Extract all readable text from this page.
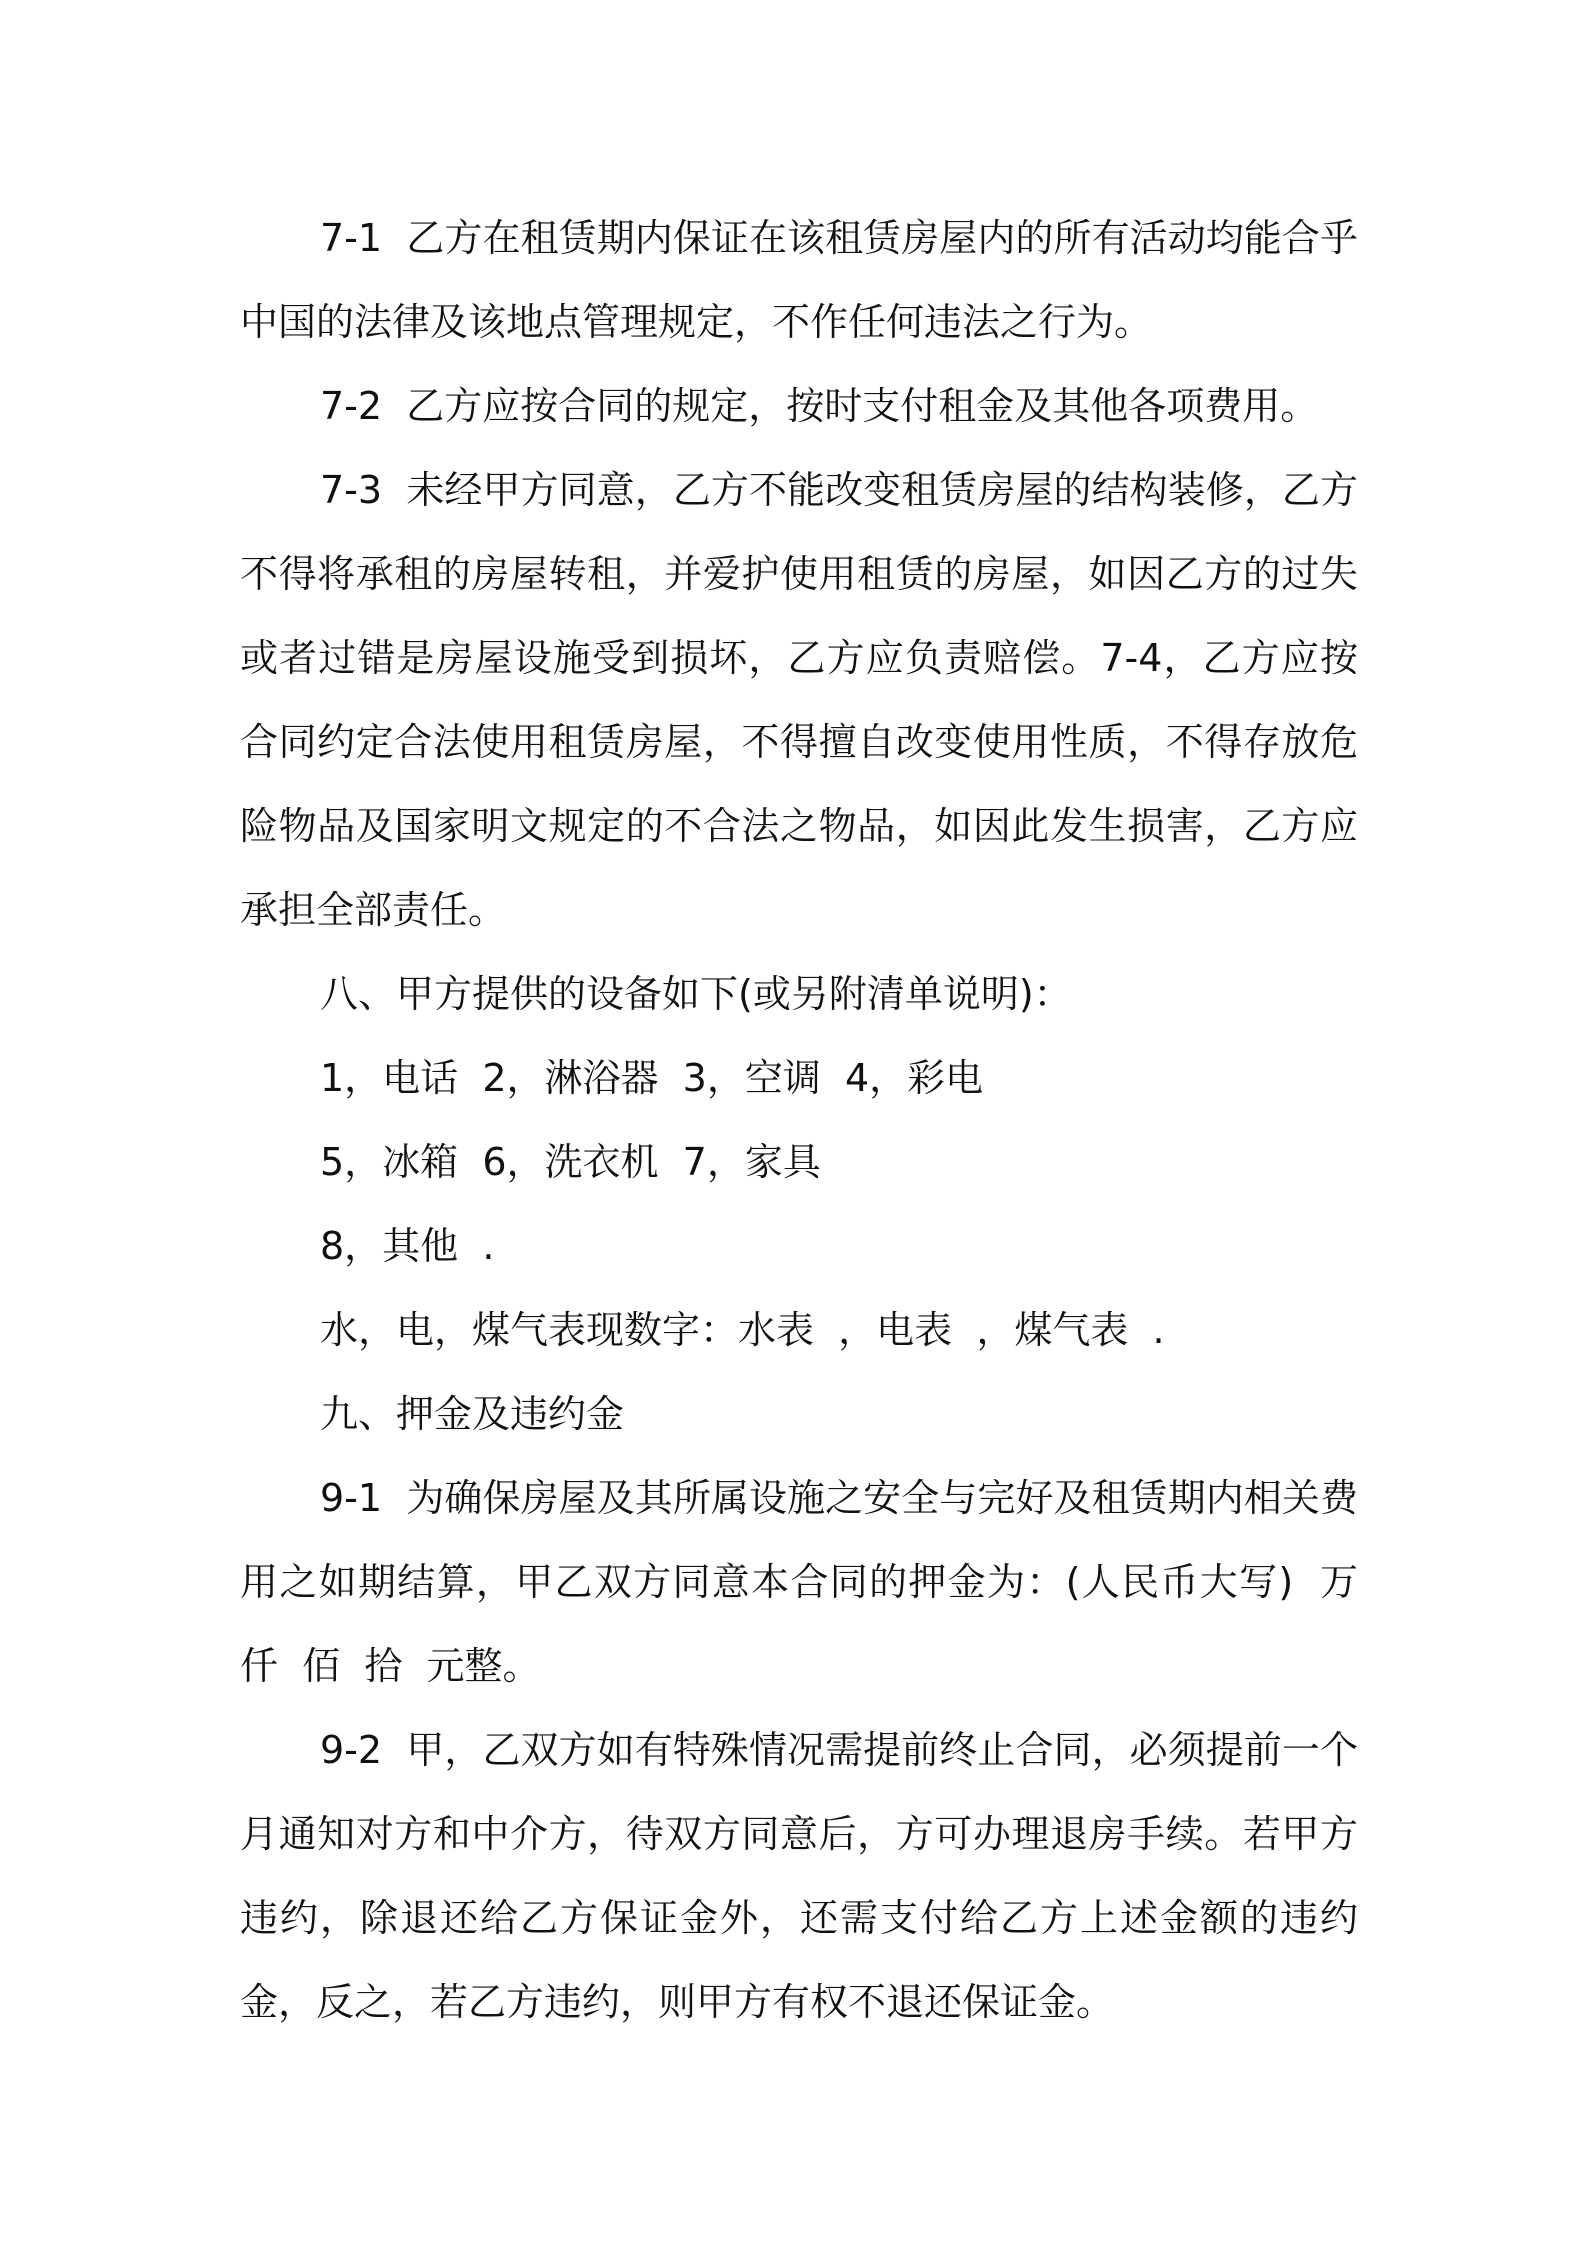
7-1  乙方在租赁期内保证在该租赁房屋内的所有活动均能合乎中国的法律及该地点管理规定，不作任何违法之行为。

7-2  乙方应按合同的规定，按时支付租金及其他各项费用。

7-3  未经甲方同意，乙方不能改变租赁房屋的结构装修，乙方不得将承租的房屋转租，并爱护使用租赁的房屋，如因乙方的过失或者过错是房屋设施受到损坏，乙方应负责赔偿。7-4，乙方应按合同约定合法使用租赁房屋，不得擅自改变使用性质，不得存放危险物品及国家明文规定的不合法之物品，如因此发生损害，乙方应承担全部责任。

八、甲方提供的设备如下(或另附清单说明)：

1，电话  2，淋浴器  3，空调  4，彩电

5，冰箱  6，洗衣机  7，家具

8，其他  .

水，电，煤气表现数字：水表  ，电表  ，煤气表  .

九、押金及违约金

9-1  为确保房屋及其所属设施之安全与完好及租赁期内相关费用之如期结算，甲乙双方同意本合同的押金为：(人民币大写)  万  仟  佰  拾  元整。

9-2  甲，乙双方如有特殊情况需提前终止合同，必须提前一个月通知对方和中介方，待双方同意后，方可办理退房手续。若甲方违约，除退还给乙方保证金外，还需支付给乙方上述金额的违约金，反之，若乙方违约，则甲方有权不退还保证金。
